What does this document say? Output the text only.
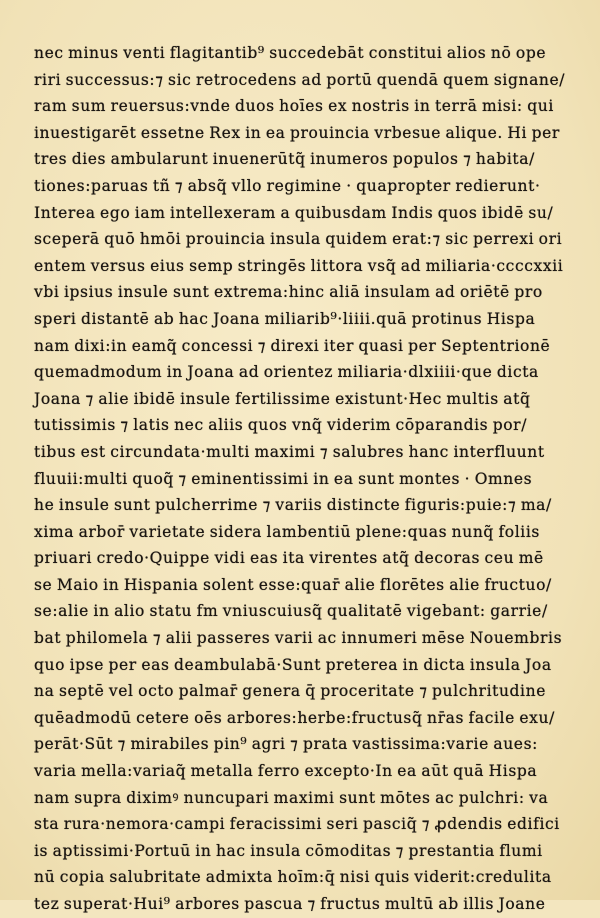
nec minus venti flagitantib⁹ succedebāt constitui alios nō ope
riri successus:⁊ sic retrocedens ad portū quendā quem signane/
ram sum reuersus:vnde duos hoīes ex nostris in terrā misi: qui
inuestigarēt essetne Rex in ea prouincia vrbesue alique. Hi per
tres dies ambularunt inuenerūtq̃ inumeros populos ⁊ habita/
tiones:paruas tñ ⁊ absq̃ vllo regimine · quapropter redierunt·
Interea ego iam intellexeram a quibusdam Indis quos ibidē su/
sceperā quō hmōi prouincia insula quidem erat:⁊ sic perrexi ori
entem versus eius semp stringēs littora vsq̃ ad miliaria·ccccxxii
vbi ipsius insule sunt extrema:hinc aliā insulam ad oriētē pro
speri distantē ab hac Joana miliarib⁹·liiii.quā protinus Hispa
nam dixi:in eamq̃ concessi ⁊ direxi iter quasi per Septentrionē
quemadmodum in Joana ad orientez miliaria·dlxiiii·que dicta
Joana ⁊ alie ibidē insule fertilissime existunt·Hec multis atq̃
tutissimis ⁊ latis nec aliis quos vnq̃ viderim cōparandis por/
tibus est circundata·multi maximi ⁊ salubres hanc interfluunt
fluuii:multi quoq̃ ⁊ eminentissimi in ea sunt montes · Omnes
he insule sunt pulcherrime ⁊ variis distincte figuris:puie:⁊ ma/
xima arbor̄ varietate sidera lambentiū plene:quas nunq̃ foliis
priuari credo·Quippe vidi eas ita virentes atq̃ decoras ceu mē
se Maio in Hispania solent esse:quar̄ alie florētes alie fructuo/
se:alie in alio statu fm vniuscuiusq̃ qualitatē vigebant: garrie/
bat philomela ⁊ alii passeres varii ac innumeri mēse Nouembris
quo ipse per eas deambulabā·Sunt preterea in dicta insula Joa
na septē vel octo palmar̄ genera q̄ proceritate ⁊ pulchritudine
quēadmodū cetere oēs arbores:herbe:fructusq̃ nr̄as facile exu/
perāt·Sūt ⁊ mirabiles pin⁹ agri ⁊ prata vastissima:varie aues:
varia mella:variaq̃ metalla ferro excepto·In ea aūt quā Hispa
nam supra diximꝰ nuncupari maximi sunt mōtes ac pulchri: va
sta rura·nemora·campi feracissimi seri pasciq̃ ⁊ ꝓdendis edifici
is aptissimi·Portuū in hac insula cōmoditas ⁊ prestantia flumi
nū copia salubritate admixta hoīm:q̄ nisi quis viderit:credulita
tez superat·Hui⁹ arbores pascua ⁊ fructus multū ab illis Joane
